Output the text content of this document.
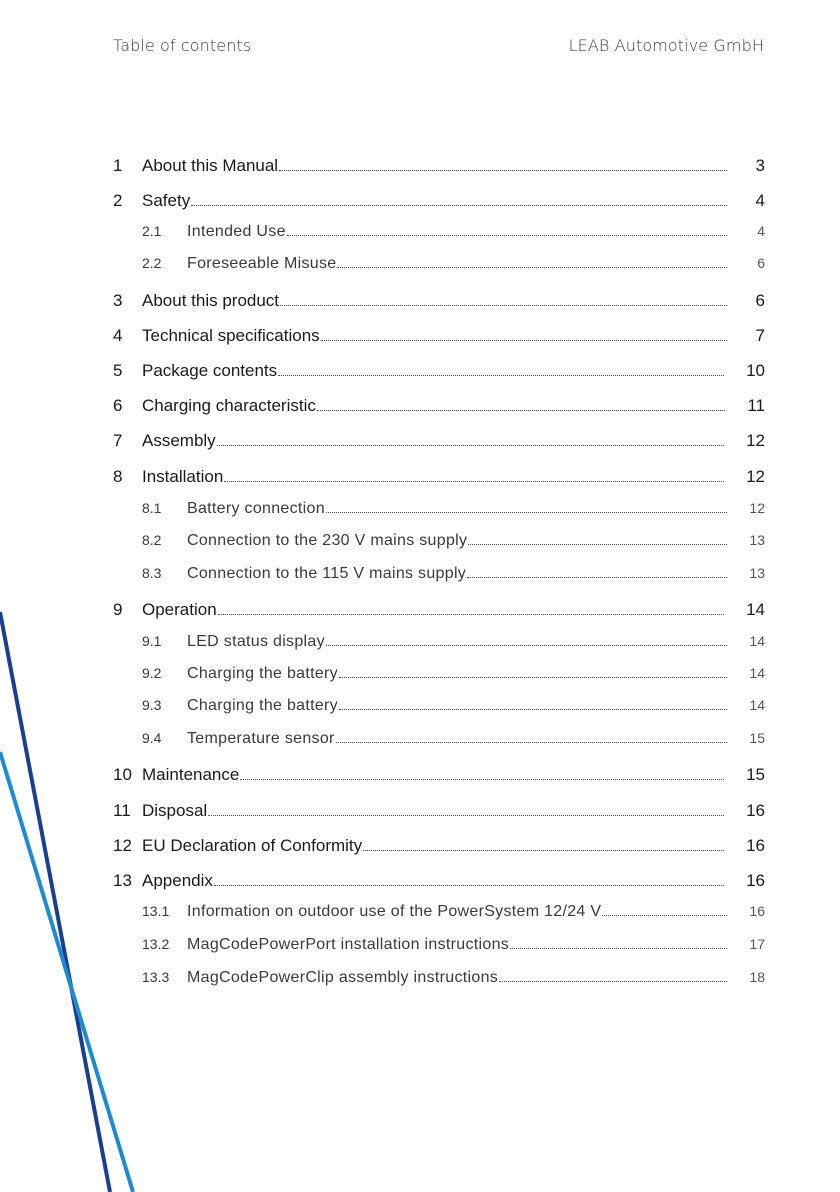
Table of contents	LEAB Automotive GmbH
1	About this Manual	3
2	Safety	4
2.1	Intended Use	4
2.2	Foreseeable Misuse	6
3	About this product	6
4	Technical specifications	7
5	Package contents	10
6	Charging characteristic	11
7	Assembly	12
8	Installation	12
8.1	Battery connection	12
8.2	Connection to the 230 V mains supply	13
8.3	Connection to the 115 V mains supply	13
9	Operation	14
9.1	LED status display	14
9.2	Charging the battery	14
9.3	Charging the battery	14
9.4	Temperature sensor	15
10 Maintenance	15
11 Disposal	16
12 EU Declaration of Conformity	16
13 Appendix	16
13.1	Information on outdoor use of the PowerSystem 12/24 V	16
13.2	MagCodePowerPort installation instructions	17
13.3	MagCodePowerClip assembly instructions	18
